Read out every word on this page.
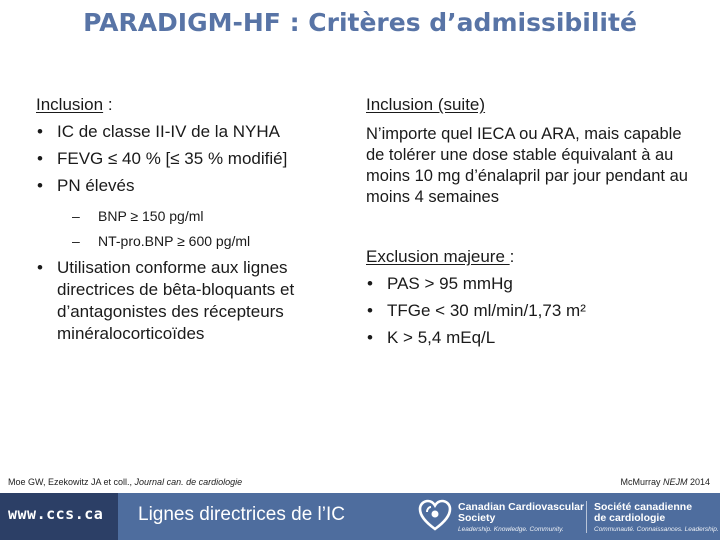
PARADIGM-HF : Critères d’admissibilité
Inclusion :
• IC de classe II-IV de la NYHA
• FEVG ≤ 40 % [≤ 35 % modifié]
• PN élevés
– BNP ≥ 150 pg/ml
– NT-pro.BNP ≥ 600 pg/ml
• Utilisation conforme aux lignes directrices de bêta-bloquants et d’antagonistes des récepteurs minéralocorticoïdes
Inclusion (suite)
N’importe quel IECA ou ARA, mais capable de tolérer une dose stable équivalant à au moins 10 mg d’énalapril par jour pendant au moins 4 semaines
Exclusion majeure :
• PAS > 95 mmHg
• TFGe < 30 ml/min/1,73 m²
• K > 5,4 mEq/L
Moe GW, Ezekowitz JA et coll., Journal can. de cardiologie	McMurray NEJM 2014
www.ccs.ca Lignes directrices de l’IC	Canadian Cardiovascular
Society
Leadership. Knowledge. Community.
Société canadienne
de cardiologie
Communauté. Connaissances. Leadership.
